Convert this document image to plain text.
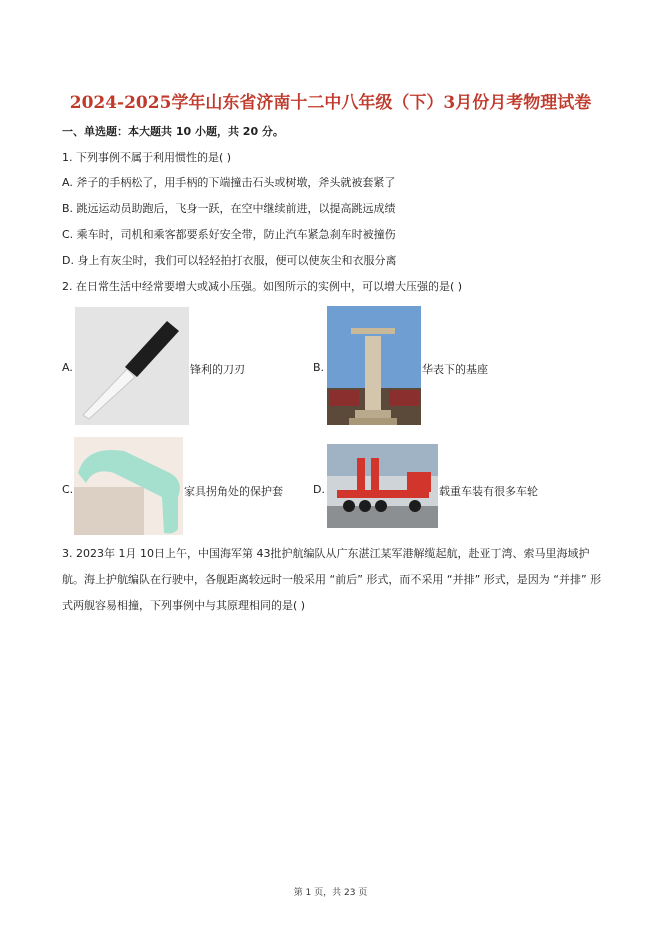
2024-2025学年山东省济南十二中八年级（下）3月份月考物理试卷
一、单选题：本大题共 10 小题，共 20 分。
1. 下列事例不属于利用惯性的是( )
A. 斧子的手柄松了，用手柄的下端撞击石头或树墩，斧头就被套紧了
B. 跳远运动员助跑后，飞身一跃，在空中继续前进，以提高跳远成绩
C. 乘车时，司机和乘客都要系好安全带，防止汽车紧急刹车时被撞伤
D. 身上有灰尘时，我们可以轻轻拍打衣服，便可以使灰尘和衣服分离
2. 在日常生活中经常要增大或减小压强。如图所示的实例中，可以增大压强的是( )
A.	锋利的刀刃	B.	华表下的基座
C.	家具拐角处的保护套	D.	载重车装有很多车轮
3. 2023年 1月 10日上午，中国海军第 43批护航编队从广东湛江某军港解缆起航，赴亚丁湾、索马里海域护航。海上护航编队在行驶中，各舰距离较远时一般采用 “前后” 形式，而不采用 “并排” 形式，是因为 “并排” 形式两舰容易相撞，下列事例中与其原理相同的是( )
第 1 页，共 23 页
